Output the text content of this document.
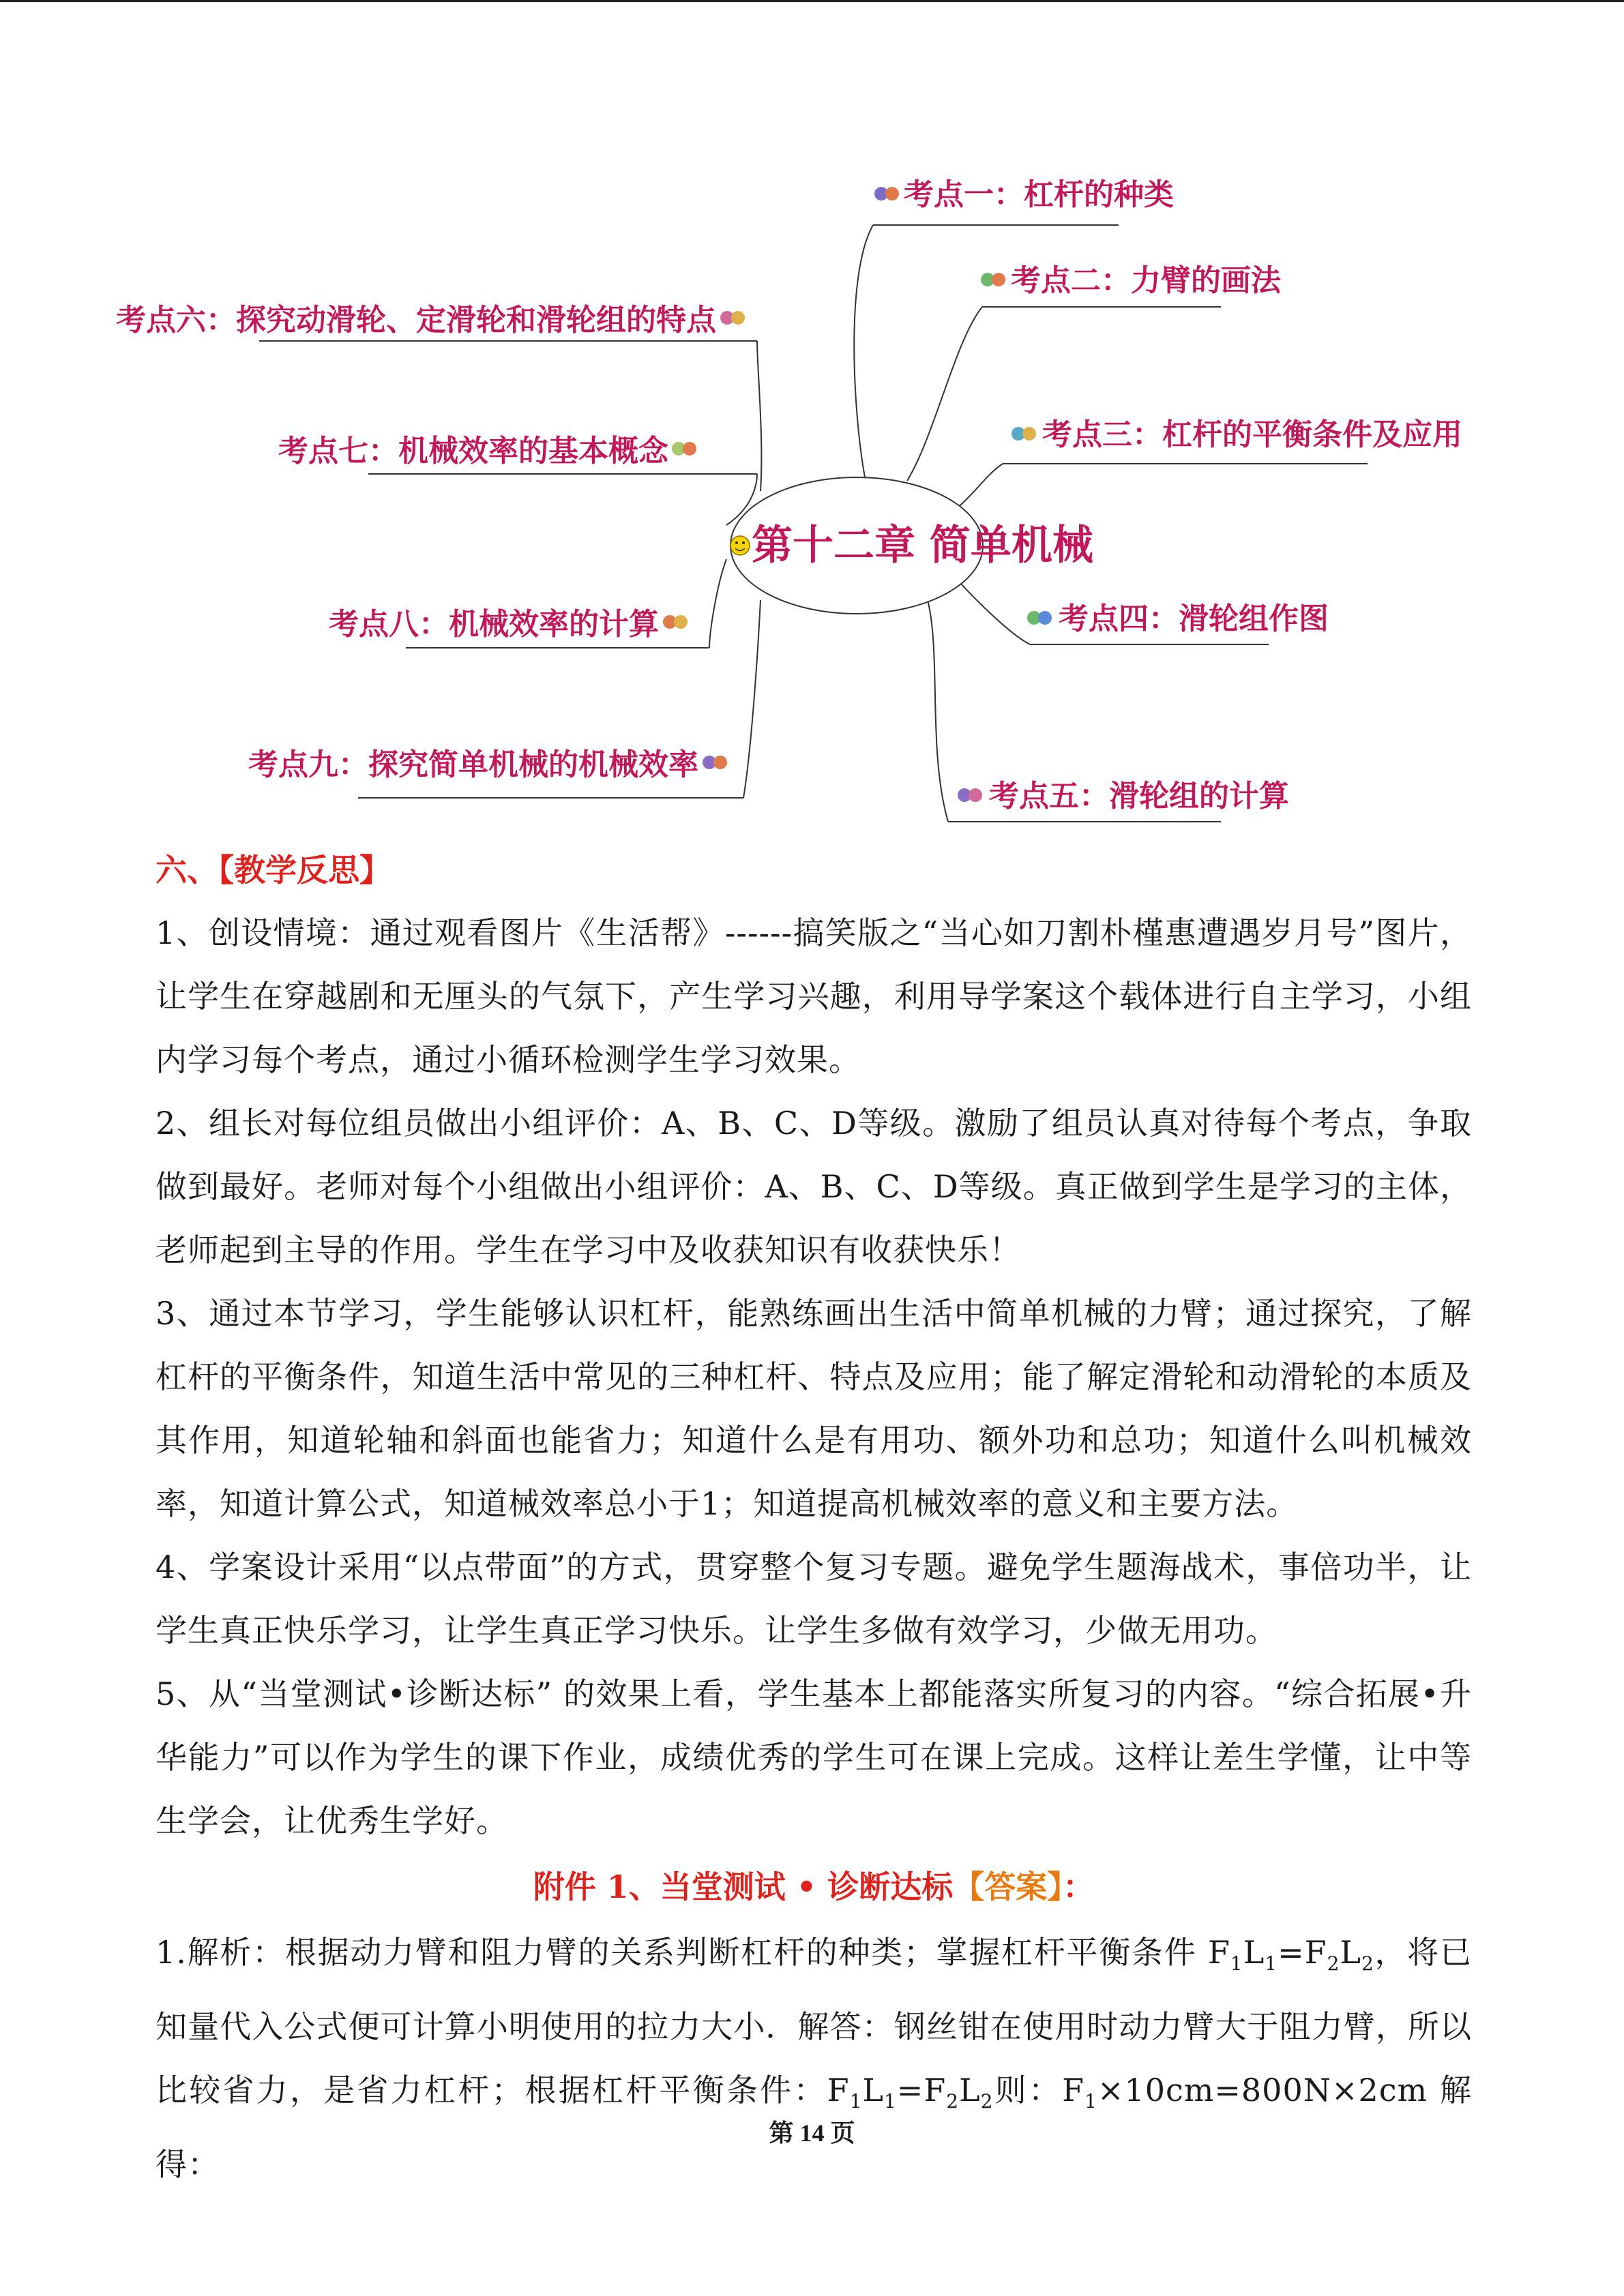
第十二章 简单机械
考点一：杠杆的种类
考点二：力臂的画法
考点三：杠杆的平衡条件及应用
考点四：滑轮组作图
考点五：滑轮组的计算
考点六：探究动滑轮、定滑轮和滑轮组的特点
考点七：机械效率的基本概念
考点八：机械效率的计算
考点九：探究简单机械的机械效率

六、【教学反思】

1、创设情境：通过观看图片《生活帮》------搞笑版之“当心如刀割朴槿惠遭遇岁月号”图片，让学生在穿越剧和无厘头的气氛下，产生学习兴趣，利用导学案这个载体进行自主学习，小组内学习每个考点，通过小循环检测学生学习效果。

2、组长对每位组员做出小组评价：A、B、C、D等级。激励了组员认真对待每个考点，争取做到最好。老师对每个小组做出小组评价：A、B、C、D等级。真正做到学生是学习的主体，老师起到主导的作用。学生在学习中及收获知识有收获快乐！

3、通过本节学习，学生能够认识杠杆，能熟练画出生活中简单机械的力臂；通过探究，了解杠杆的平衡条件，知道生活中常见的三种杠杆、特点及应用；能了解定滑轮和动滑轮的本质及其作用，知道轮轴和斜面也能省力；知道什么是有用功、额外功和总功；知道什么叫机械效率，知道计算公式，知道械效率总小于1；知道提高机械效率的意义和主要方法。

4、学案设计采用“以点带面”的方式，贯穿整个复习专题。避免学生题海战术，事倍功半，让学生真正快乐学习，让学生真正学习快乐。让学生多做有效学习，少做无用功。

5、从“当堂测试•诊断达标” 的效果上看，学生基本上都能落实所复习的内容。“综合拓展•升华能力”可以作为学生的课下作业，成绩优秀的学生可在课上完成。这样让差生学懂，让中等生学会，让优秀生学好。

附件 1、当堂测试 • 诊断达标【答案】：

1.解析：根据动力臂和阻力臂的关系判断杠杆的种类；掌握杠杆平衡条件 $F_1L_1=F_2L_2$，将已知量代入公式便可计算小明使用的拉力大小．解答：钢丝钳在使用时动力臂大于阻力臂，所以比较省力，是省力杠杆；根据杠杆平衡条件：$F_1L_1=F_2L_2$则：$F_1\times 10cm=800N\times 2cm$ 解得：

第 14 页
